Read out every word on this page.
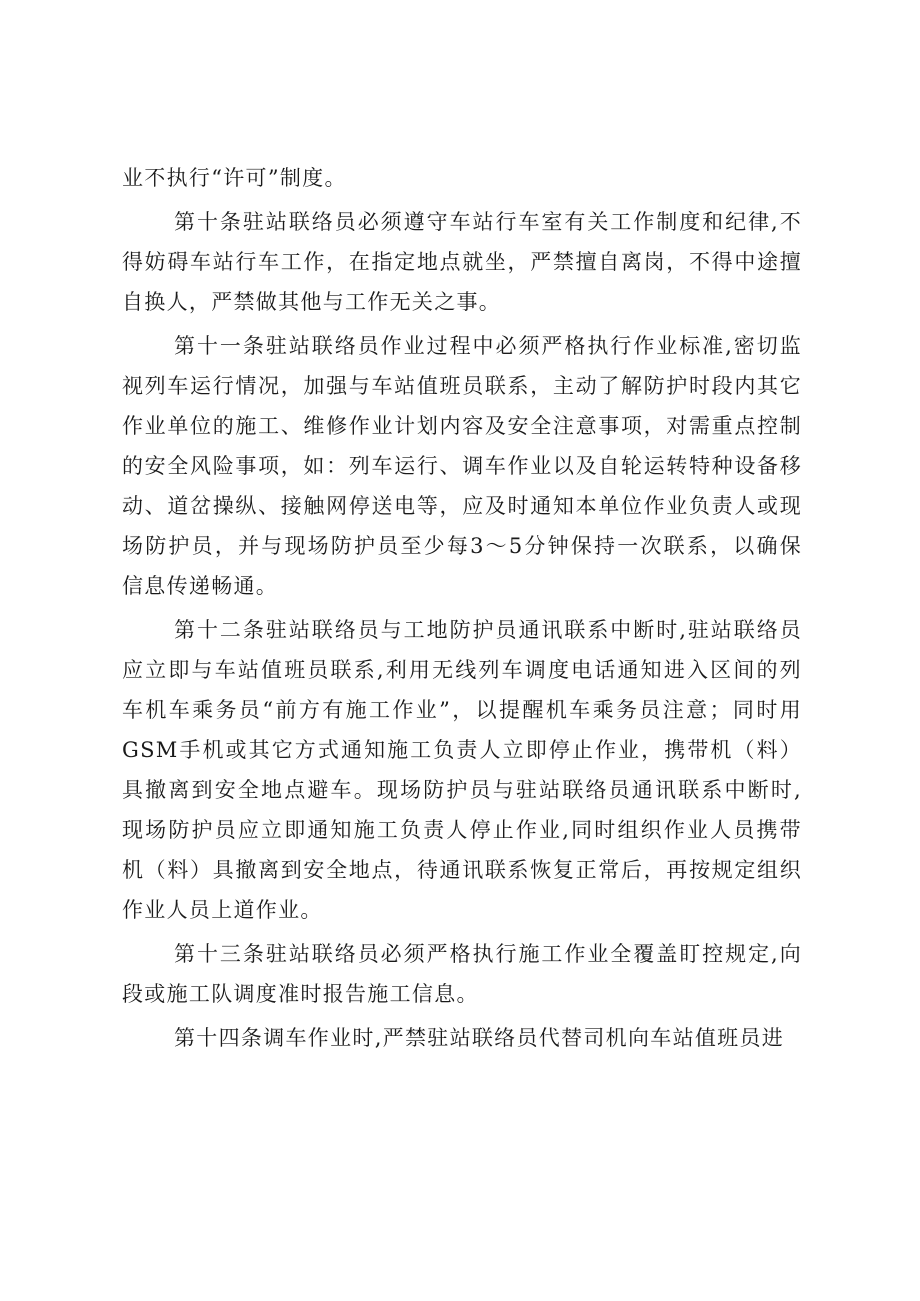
业不执行“许可”制度。
第十条驻站联络员必须遵守车站行车室有关工作制度和纪律,不
得妨碍车站行车工作，在指定地点就坐，严禁擅自离岗，不得中途擅
自换人，严禁做其他与工作无关之事。
第十一条驻站联络员作业过程中必须严格执行作业标准,密切监
视列车运行情况，加强与车站值班员联系，主动了解防护时段内其它
作业单位的施工、维修作业计划内容及安全注意事项，对需重点控制
的安全风险事项，如：列车运行、调车作业以及自轮运转特种设备移
动、道岔操纵、接触网停送电等，应及时通知本单位作业负责人或现
场防护员，并与现场防护员至少每3～5分钟保持一次联系，以确保
信息传递畅通。
第十二条驻站联络员与工地防护员通讯联系中断时,驻站联络员
应立即与车站值班员联系,利用无线列车调度电话通知进入区间的列
车机车乘务员“前方有施工作业”，以提醒机车乘务员注意；同时用
GSM手机或其它方式通知施工负责人立即停止作业，携带机（料）
具撤离到安全地点避车。现场防护员与驻站联络员通讯联系中断时,
现场防护员应立即通知施工负责人停止作业,同时组织作业人员携带
机（料）具撤离到安全地点，待通讯联系恢复正常后，再按规定组织
作业人员上道作业。
第十三条驻站联络员必须严格执行施工作业全覆盖盯控规定,向
段或施工队调度准时报告施工信息。
第十四条调车作业时,严禁驻站联络员代替司机向车站值班员进
